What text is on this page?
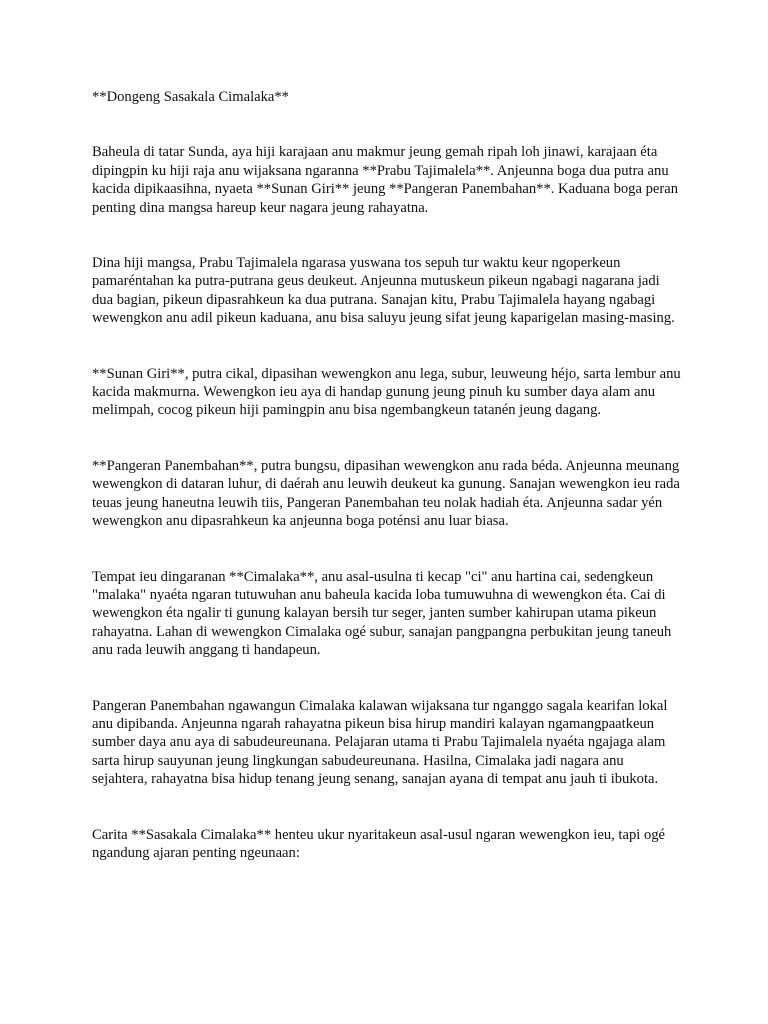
**Dongeng Sasakala Cimalaka**

Baheula di tatar Sunda, aya hiji karajaan anu makmur jeung gemah ripah loh jinawi, karajaan éta dipingpin ku hiji raja anu wijaksana ngaranna **Prabu Tajimalela**. Anjeunna boga dua putra anu kacida dipikaasihna, nyaeta **Sunan Giri** jeung **Pangeran Panembahan**. Kaduana boga peran penting dina mangsa hareup keur nagara jeung rahayatna.

Dina hiji mangsa, Prabu Tajimalela ngarasa yuswana tos sepuh tur waktu keur ngoperkeun pamaréntahan ka putra-putrana geus deukeut. Anjeunna mutuskeun pikeun ngabagi nagarana jadi dua bagian, pikeun dipasrahkeun ka dua putrana. Sanajan kitu, Prabu Tajimalela hayang ngabagi wewengkon anu adil pikeun kaduana, anu bisa saluyu jeung sifat jeung kaparigelan masing-masing.

**Sunan Giri**, putra cikal, dipasihan wewengkon anu lega, subur, leuweung héjo, sarta lembur anu kacida makmurna. Wewengkon ieu aya di handap gunung jeung pinuh ku sumber daya alam anu melimpah, cocog pikeun hiji pamingpin anu bisa ngembangkeun tatanén jeung dagang.

**Pangeran Panembahan**, putra bungsu, dipasihan wewengkon anu rada béda. Anjeunna meunang wewengkon di dataran luhur, di daérah anu leuwih deukeut ka gunung. Sanajan wewengkon ieu rada teuas jeung haneutna leuwih tiis, Pangeran Panembahan teu nolak hadiah éta. Anjeunna sadar yén wewengkon anu dipasrahkeun ka anjeunna boga poténsi anu luar biasa.

Tempat ieu dingaranan **Cimalaka**, anu asal-usulna ti kecap "ci" anu hartina cai, sedengkeun "malaka" nyaéta ngaran tutuwuhan anu baheula kacida loba tumuwuhna di wewengkon éta. Cai di wewengkon éta ngalir ti gunung kalayan bersih tur seger, janten sumber kahirupan utama pikeun rahayatna. Lahan di wewengkon Cimalaka ogé subur, sanajan pangpangna perbukitan jeung taneuh anu rada leuwih anggang ti handapeun.

Pangeran Panembahan ngawangun Cimalaka kalawan wijaksana tur nganggo sagala kearifan lokal anu dipibanda. Anjeunna ngarah rahayatna pikeun bisa hirup mandiri kalayan ngamangpaatkeun sumber daya anu aya di sabudeureunana. Pelajaran utama ti Prabu Tajimalela nyaéta ngajaga alam sarta hirup sauyunan jeung lingkungan sabudeureunana. Hasilna, Cimalaka jadi nagara anu sejahtera, rahayatna bisa hidup tenang jeung senang, sanajan ayana di tempat anu jauh ti ibukota.

Carita **Sasakala Cimalaka** henteu ukur nyaritakeun asal-usul ngaran wewengkon ieu, tapi ogé ngandung ajaran penting ngeunaan:
